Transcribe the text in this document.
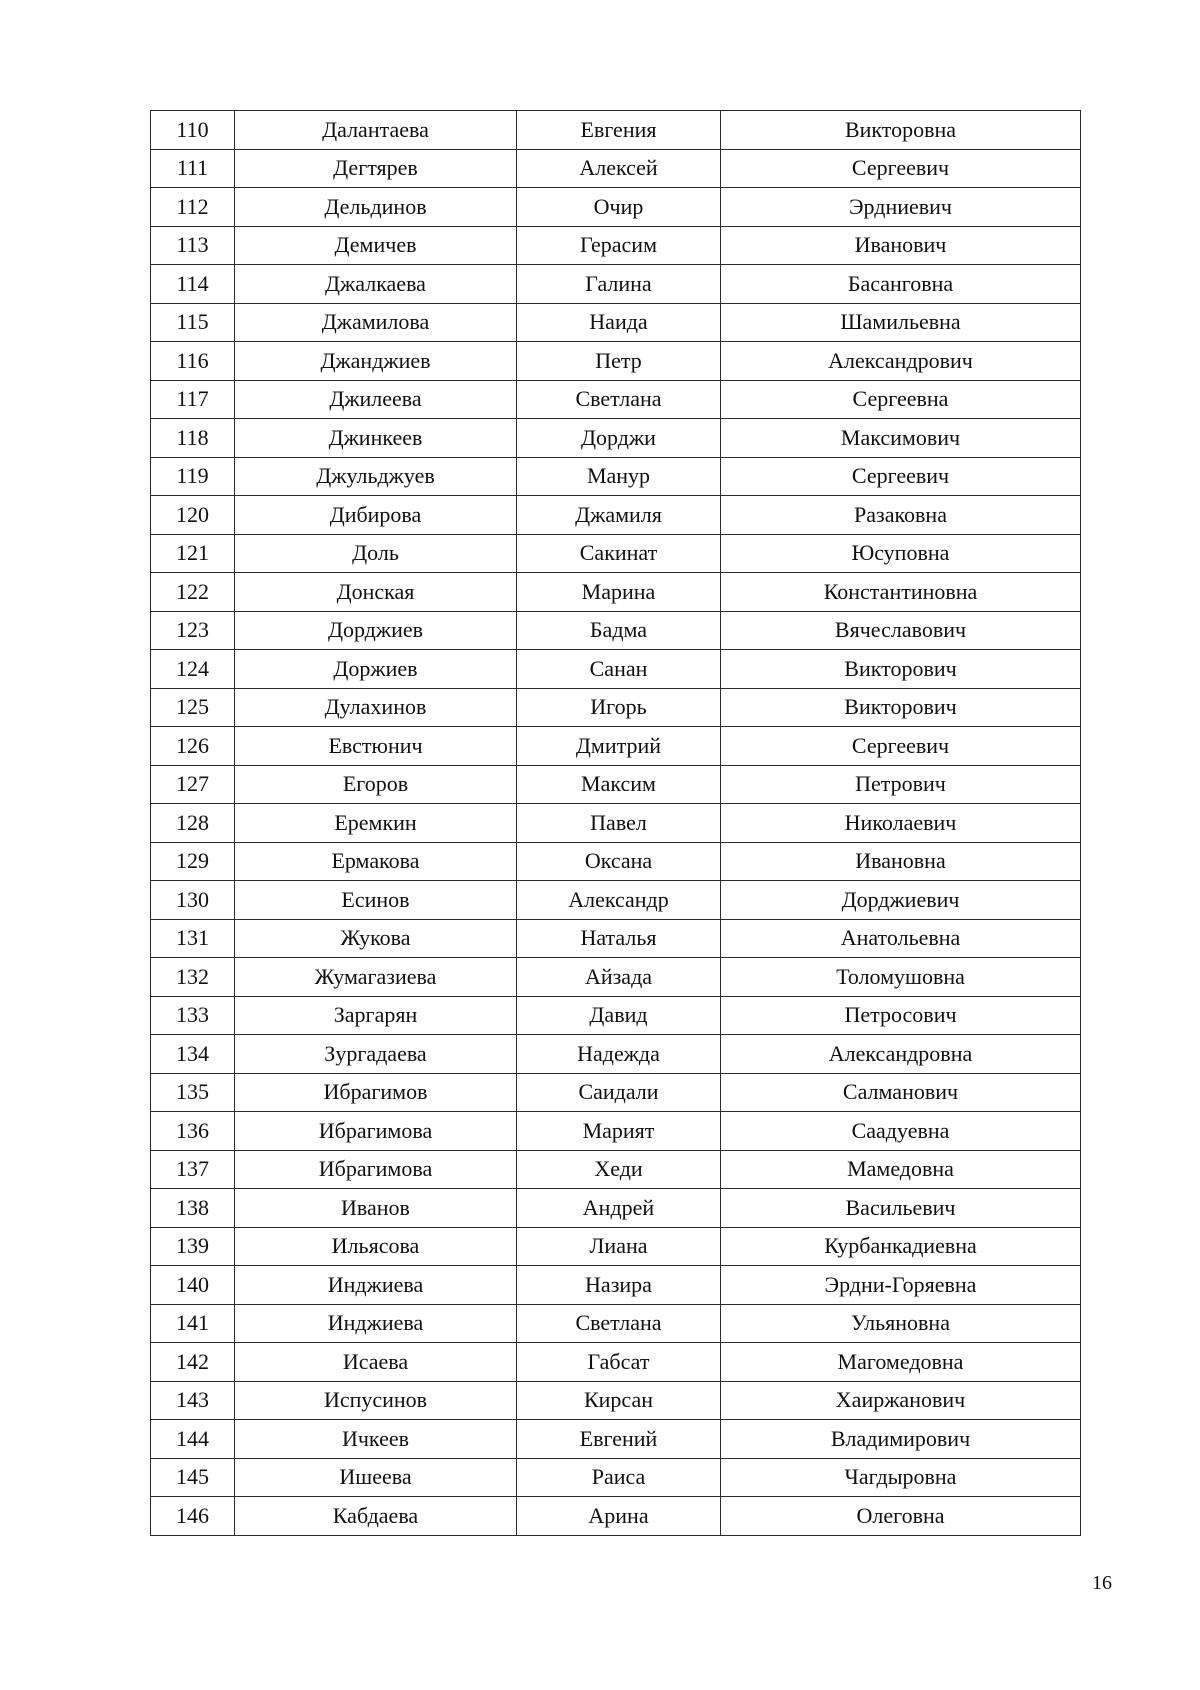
110	Далантаева	Евгения	Викторовна
111	Дегтярев	Алексей	Сергеевич
112	Дельдинов	Очир	Эрдниевич
113	Демичев	Герасим	Иванович
114	Джалкаева	Галина	Басанговна
115	Джамилова	Наида	Шамильевна
116	Джанджиев	Петр	Александрович
117	Джилеева	Светлана	Сергеевна
118	Джинкеев	Дорджи	Максимович
119	Джульджуев	Манур	Сергеевич
120	Дибирова	Джамиля	Разаковна
121	Доль	Сакинат	Юсуповна
122	Донская	Марина	Константиновна
123	Дорджиев	Бадма	Вячеславович
124	Доржиев	Санан	Викторович
125	Дулахинов	Игорь	Викторович
126	Евстюнич	Дмитрий	Сергеевич
127	Егоров	Максим	Петрович
128	Еремкин	Павел	Николаевич
129	Ермакова	Оксана	Ивановна
130	Есинов	Александр	Дорджиевич
131	Жукова	Наталья	Анатольевна
132	Жумагазиева	Айзада	Толомушовна
133	Заргарян	Давид	Петросович
134	Зургадаева	Надежда	Александровна
135	Ибрагимов	Саидали	Салманович
136	Ибрагимова	Марият	Саадуевна
137	Ибрагимова	Хеди	Мамедовна
138	Иванов	Андрей	Васильевич
139	Ильясова	Лиана	Курбанкадиевна
140	Инджиева	Назира	Эрдни-Горяевна
141	Инджиева	Светлана	Ульяновна
142	Исаева	Габсат	Магомедовна
143	Испусинов	Кирсан	Хаиржанович
144	Ичкеев	Евгений	Владимирович
145	Ишеева	Раиса	Чагдыровна
146	Кабдаева	Арина	Олеговна
16
